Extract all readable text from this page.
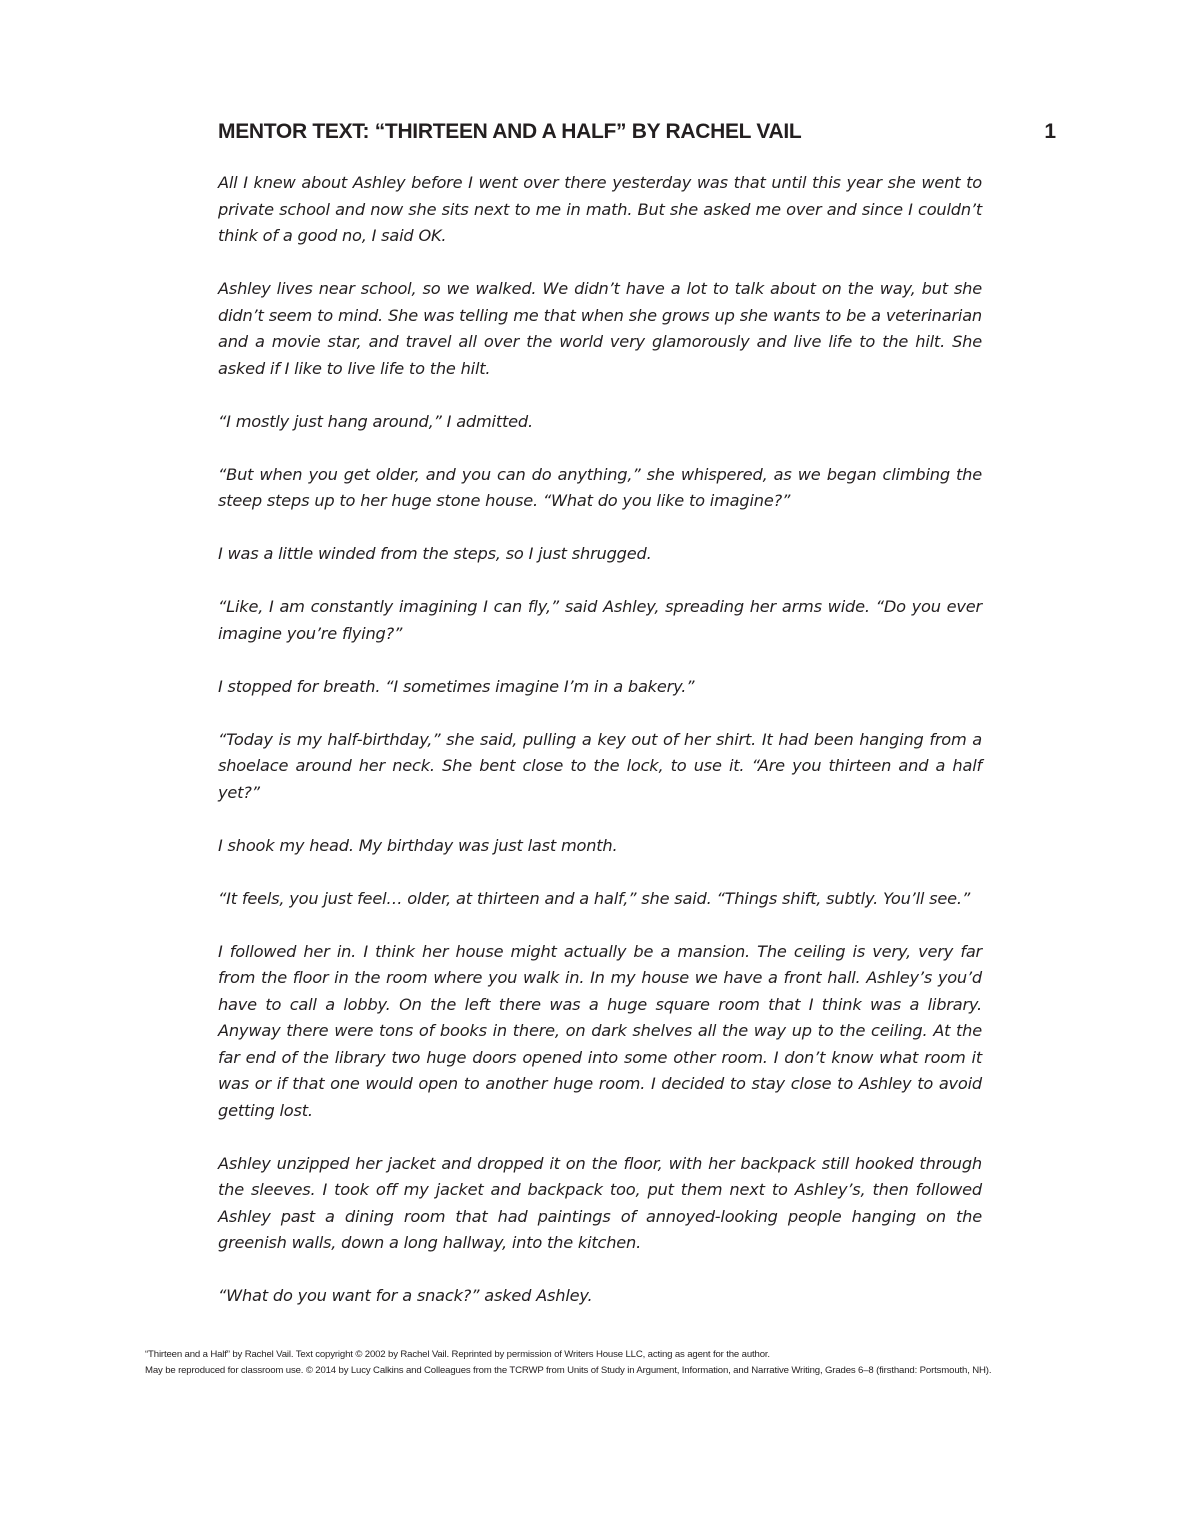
MENTOR TEXT: “THIRTEEN AND A HALF” BY RACHEL VAIL	1

All I knew about Ashley before I went over there yesterday was that until this year she went to private school and now she sits next to me in math. But she asked me over and since I couldn’t think of a good no, I said OK.

Ashley lives near school, so we walked. We didn’t have a lot to talk about on the way, but she didn’t seem to mind. She was telling me that when she grows up she wants to be a veterinarian and a movie star, and travel all over the world very glamorously and live life to the hilt. She asked if I like to live life to the hilt.

“I mostly just hang around,” I admitted.

“But when you get older, and you can do anything,” she whispered, as we began climbing the steep steps up to her huge stone house. “What do you like to imagine?”

I was a little winded from the steps, so I just shrugged.

“Like, I am constantly imagining I can fly,” said Ashley, spreading her arms wide. “Do you ever imagine you’re flying?”

I stopped for breath. “I sometimes imagine I’m in a bakery.”

“Today is my half-birthday,” she said, pulling a key out of her shirt. It had been hanging from a shoelace around her neck. She bent close to the lock, to use it. “Are you thirteen and a half yet?”

I shook my head. My birthday was just last month.

“It feels, you just feel… older, at thirteen and a half,” she said. “Things shift, subtly. You’ll see.”

I followed her in. I think her house might actually be a mansion. The ceiling is very, very far from the floor in the room where you walk in. In my house we have a front hall. Ashley’s you’d have to call a lobby. On the left there was a huge square room that I think was a library. Anyway there were tons of books in there, on dark shelves all the way up to the ceiling. At the far end of the library two huge doors opened into some other room. I don’t know what room it was or if that one would open to another huge room. I decided to stay close to Ashley to avoid getting lost.

Ashley unzipped her jacket and dropped it on the floor, with her backpack still hooked through the sleeves. I took off my jacket and backpack too, put them next to Ashley’s, then followed Ashley past a dining room that had paintings of annoyed-looking people hanging on the greenish walls, down a long hallway, into the kitchen.

“What do you want for a snack?” asked Ashley.

“Thirteen and a Half” by Rachel Vail. Text copyright © 2002 by Rachel Vail. Reprinted by permission of Writers House LLC, acting as agent for the author.

May be reproduced for classroom use. © 2014 by Lucy Calkins and Colleagues from the TCRWP from Units of Study in Argument, Information, and Narrative Writing, Grades 6–8 (firsthand: Portsmouth, NH).
